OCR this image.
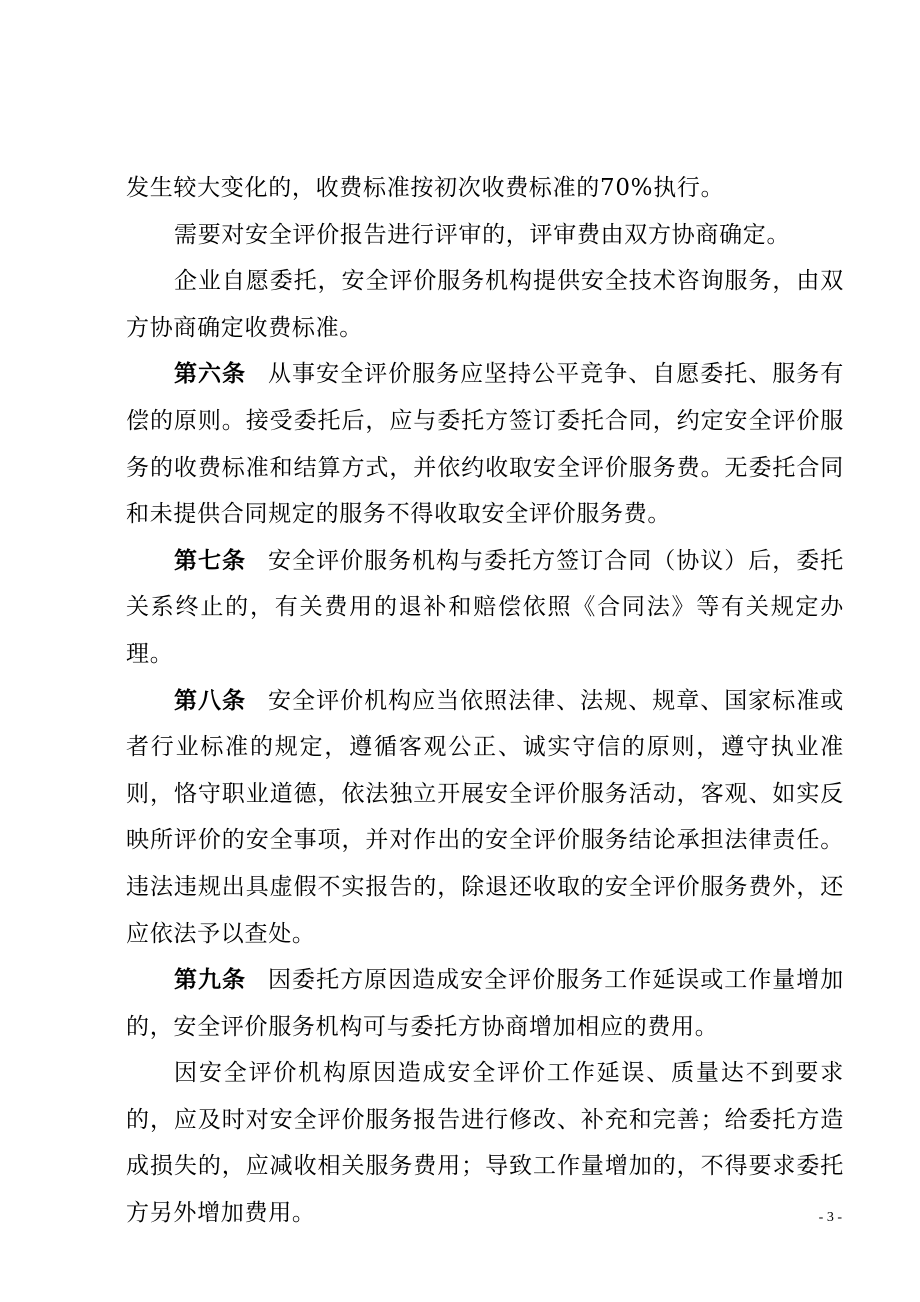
发生较大变化的，收费标准按初次收费标准的70%执行。

需要对安全评价报告进行评审的，评审费由双方协商确定。

企业自愿委托，安全评价服务机构提供安全技术咨询服务，由双方协商确定收费标准。

第六条 从事安全评价服务应坚持公平竞争、自愿委托、服务有偿的原则。接受委托后，应与委托方签订委托合同，约定安全评价服务的收费标准和结算方式，并依约收取安全评价服务费。无委托合同和未提供合同规定的服务不得收取安全评价服务费。

第七条 安全评价服务机构与委托方签订合同（协议）后，委托关系终止的，有关费用的退补和赔偿依照《合同法》等有关规定办理。

第八条 安全评价机构应当依照法律、法规、规章、国家标准或者行业标准的规定，遵循客观公正、诚实守信的原则，遵守执业准则，恪守职业道德，依法独立开展安全评价服务活动，客观、如实反映所评价的安全事项，并对作出的安全评价服务结论承担法律责任。违法违规出具虚假不实报告的，除退还收取的安全评价服务费外，还应依法予以查处。

第九条 因委托方原因造成安全评价服务工作延误或工作量增加的，安全评价服务机构可与委托方协商增加相应的费用。

因安全评价机构原因造成安全评价工作延误、质量达不到要求的，应及时对安全评价服务报告进行修改、补充和完善；给委托方造成损失的，应减收相关服务费用；导致工作量增加的，不得要求委托方另外增加费用。	- 3 -
